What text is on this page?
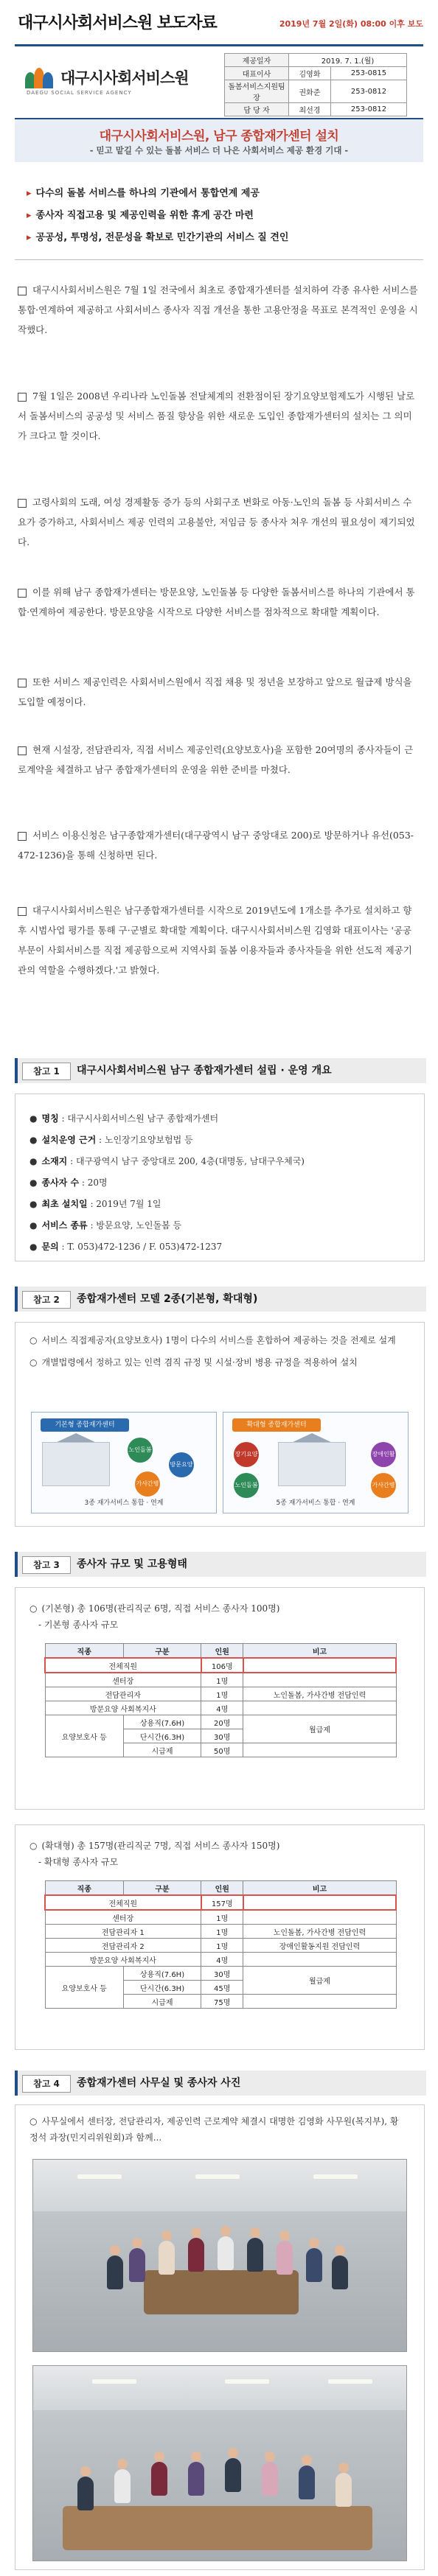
대구시사회서비스원 보도자료	2019년 7월 2일(화) 08:00 이후 보도
대구시사회서비스원
DAEGU SOCIAL SERVICE AGENCY
제공일자	2019. 7. 1.(월)	
대표이사	김영화	253-0815
돌봄서비스지원팀장	권화준	253-0812
담 당 자	최선경	253-0812
대구시사회서비스원, 남구 종합재가센터 설치
- 믿고 맡길 수 있는 돌봄 서비스 더 나은 사회서비스 제공 환경 기대 -
▸ 다수의 돌봄 서비스를 하나의 기관에서 통합연계 제공
▸ 종사자 직접고용 및 제공인력을 위한 휴게 공간 마련
▸ 공공성, 투명성, 전문성을 확보로 민간기관의 서비스 질 견인
대구시사회서비스원은 7월 1일 전국에서 최초로 종합재가센터를 설치하여 각종 유사한 서비스를 통합·연계하여 제공하고 사회서비스 종사자 직접 개선을 통한 고용안정을 목표로 본격적인 운영을 시작했다.
7월 1일은 2008년 우리나라 노인돌봄 전달체계의 전환점이된 장기요양보험제도가 시행된 날로서 돌봄서비스의 공공성 및 서비스 품질 향상을 위한 새로운 도입인 종합재가센터의 설치는 그 의미가 크다고 할 것이다.
고령사회의 도래, 여성 경제활동 증가 등의 사회구조 변화로 아동·노인의 돌봄 등 사회서비스 수요가 증가하고, 사회서비스 제공 인력의 고용불안, 저임금 등 종사자 처우 개선의 필요성이 제기되었다.
이를 위해 남구 종합재가센터는 방문요양, 노인돌봄 등 다양한 돌봄서비스를 하나의 기관에서 통합·연계하여 제공한다. 방문요양을 시작으로 다양한 서비스를 점차적으로 확대할 계획이다.
또한 서비스 제공인력은 사회서비스원에서 직접 채용 및 정년을 보장하고 앞으로 월급제 방식을 도입할 예정이다.
현재 시설장, 전담관리자, 직접 서비스 제공인력(요양보호사)을 포함한 20여명의 종사자들이 근로계약을 체결하고 남구 종합재가센터의 운영을 위한 준비를 마쳤다.
서비스 이용신청은 남구종합재가센터(대구광역시 남구 중앙대로 200)로 방문하거나 유선(053-472-1236)을 통해 신청하면 된다.
대구시사회서비스원은 남구종합재가센터를 시작으로 2019년도에 1개소를 추가로 설치하고 향후 시범사업 평가를 통해 구·군별로 확대할 계획이다. 대구시사회서비스원 김영화 대표이사는 '공공부문이 사회서비스를 직접 제공함으로써 지역사회 돌봄 이용자들과 종사자들을 위한 선도적 제공기관의 역할을 수행하겠다.'고 밝혔다.
참고 1	대구시사회서비스원 남구 종합재가센터 설립 · 운영 개요
● 명칭 : 대구시사회서비스원 남구 종합재가센터
● 설치운영 근거 : 노인장기요양보험법 등
● 소재지 : 대구광역시 남구 중앙대로 200, 4층(대명동, 남대구우체국)
● 종사자 수 : 20명
● 최초 설치일 : 2019년 7월 1일
● 서비스 종류 : 방문요양, 노인돌봄 등
● 문의 : T. 053)472-1236 / F. 053)472-1237
참고 2	종합재가센터 모델 2종(기본형, 확대형)
○ 서비스 직접제공자(요양보호사) 1명이 다수의 서비스를 혼합하여 제공하는 것을 전제로 설계
○ 개별법령에서 정하고 있는 인력 겸직 규정 및 시설·장비 병용 규정을 적용하여 설치
기본형 종합재가센터
노인돌봄
방문요양
가사간병
3종 재가서비스 통합 · 연계
확대형 종합재가센터
장기요양
노인돌봄
장애인활
가사간병
5종 재가서비스 통합 · 연계
참고 3	종사자 규모 및 고용형태
○ (기본형) 총 106명(관리직군 6명, 직접 서비스 종사자 100명)
- 기본형 종사자 규모
직종	구분	인원	비고
전체직원		106명	
센터장		1명	
전담관리자		1명	노인돌봄, 가사간병 전담인력
방문요양 사회복지사		4명	
요양보호사 등	상용직(7.6H)	20명	월급제
	단시간(6.3H)	30명	
	시급제	50명	
○ (확대형) 총 157명(관리직군 7명, 직접 서비스 종사자 150명)
- 확대형 종사자 규모
직종	구분	인원	비고
전체직원		157명	
센터장		1명	
전담관리자 1		1명	노인돌봄, 가사간병 전담인력
전담관리자 2		1명	장애인활동지원 전담인력
방문요양 사회복지사		4명	
요양보호사 등	상용직(7.6H)	30명	월급제
	단시간(6.3H)	45명	
	시급제	75명	
참고 4	종합재가센터 사무실 및 종사자 사진
○ 사무실에서 센터장, 전담관리자, 제공인력 근로계약 체결시 대명한 김영화 사무원(복지부), 황정석 과장(민지리위원회)과 함께...
